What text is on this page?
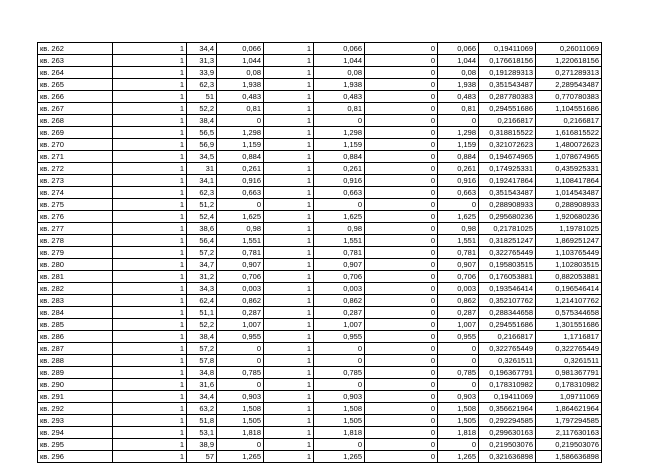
кв. 262	1	34,4	0,066	1	0,066	0	0,066	0,19411069	0,26011069
кв. 263	1	31,3	1,044	1	1,044	0	1,044	0,176618156	1,220618156
кв. 264	1	33,9	0,08	1	0,08	0	0,08	0,191289313	0,271289313
кв. 265	1	62,3	1,938	1	1,938	0	1,938	0,351543487	2,289543487
кв. 266	1	51	0,483	1	0,483	0	0,483	0,287780383	0,770780383
кв. 267	1	52,2	0,81	1	0,81	0	0,81	0,294551686	1,104551686
кв. 268	1	38,4	0	1	0	0	0	0,2166817	0,2166817
кв. 269	1	56,5	1,298	1	1,298	0	1,298	0,318815522	1,616815522
кв. 270	1	56,9	1,159	1	1,159	0	1,159	0,321072623	1,480072623
кв. 271	1	34,5	0,884	1	0,884	0	0,884	0,194674965	1,078674965
кв. 272	1	31	0,261	1	0,261	0	0,261	0,174925331	0,435925331
кв. 273	1	34,1	0,916	1	0,916	0	0,916	0,192417864	1,108417864
кв. 274	1	62,3	0,663	1	0,663	0	0,663	0,351543487	1,014543487
кв. 275	1	51,2	0	1	0	0	0	0,288908933	0,288908933
кв. 276	1	52,4	1,625	1	1,625	0	1,625	0,295680236	1,920680236
кв. 277	1	38,6	0,98	1	0,98	0	0,98	0,21781025	1,19781025
кв. 278	1	56,4	1,551	1	1,551	0	1,551	0,318251247	1,869251247
кв. 279	1	57,2	0,781	1	0,781	0	0,781	0,322765449	1,103765449
кв. 280	1	34,7	0,907	1	0,907	0	0,907	0,195803515	1,102803515
кв. 281	1	31,2	0,706	1	0,706	0	0,706	0,176053881	0,882053881
кв. 282	1	34,3	0,003	1	0,003	0	0,003	0,193546414	0,196546414
кв. 283	1	62,4	0,862	1	0,862	0	0,862	0,352107762	1,214107762
кв. 284	1	51,1	0,287	1	0,287	0	0,287	0,288344658	0,575344658
кв. 285	1	52,2	1,007	1	1,007	0	1,007	0,294551686	1,301551686
кв. 286	1	38,4	0,955	1	0,955	0	0,955	0,2166817	1,1716817
кв. 287	1	57,2	0	1	0	0	0	0,322765449	0,322765449
кв. 288	1	57,8	0	1	0	0	0	0,3261511	0,3261511
кв. 289	1	34,8	0,785	1	0,785	0	0,785	0,196367791	0,981367791
кв. 290	1	31,6	0	1	0	0	0	0,178310982	0,178310982
кв. 291	1	34,4	0,903	1	0,903	0	0,903	0,19411069	1,09711069
кв. 292	1	63,2	1,508	1	1,508	0	1,508	0,356621964	1,864621964
кв. 293	1	51,8	1,505	1	1,505	0	1,505	0,292294585	1,797294585
кв. 294	1	53,1	1,818	1	1,818	0	1,818	0,299630163	2,117630163
кв. 295	1	38,9	0	1	0	0	0	0,219503076	0,219503076
кв. 296	1	57	1,265	1	1,265	0	1,265	0,321636898	1,586636898
